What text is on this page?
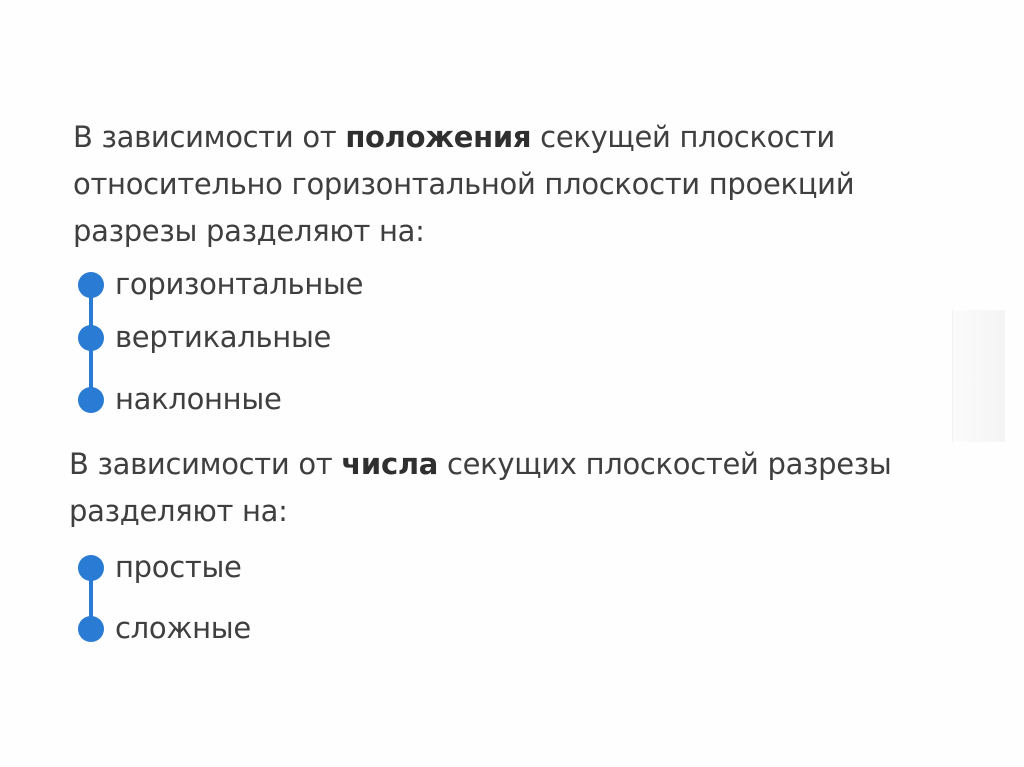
В зависимости от положения секущей плоскости
относительно горизонтальной плоскости проекций
разрезы разделяют на:

горизонтальные
вертикальные
наклонные

В зависимости от числа секущих плоскостей разрезы
разделяют на:

простые
сложные
